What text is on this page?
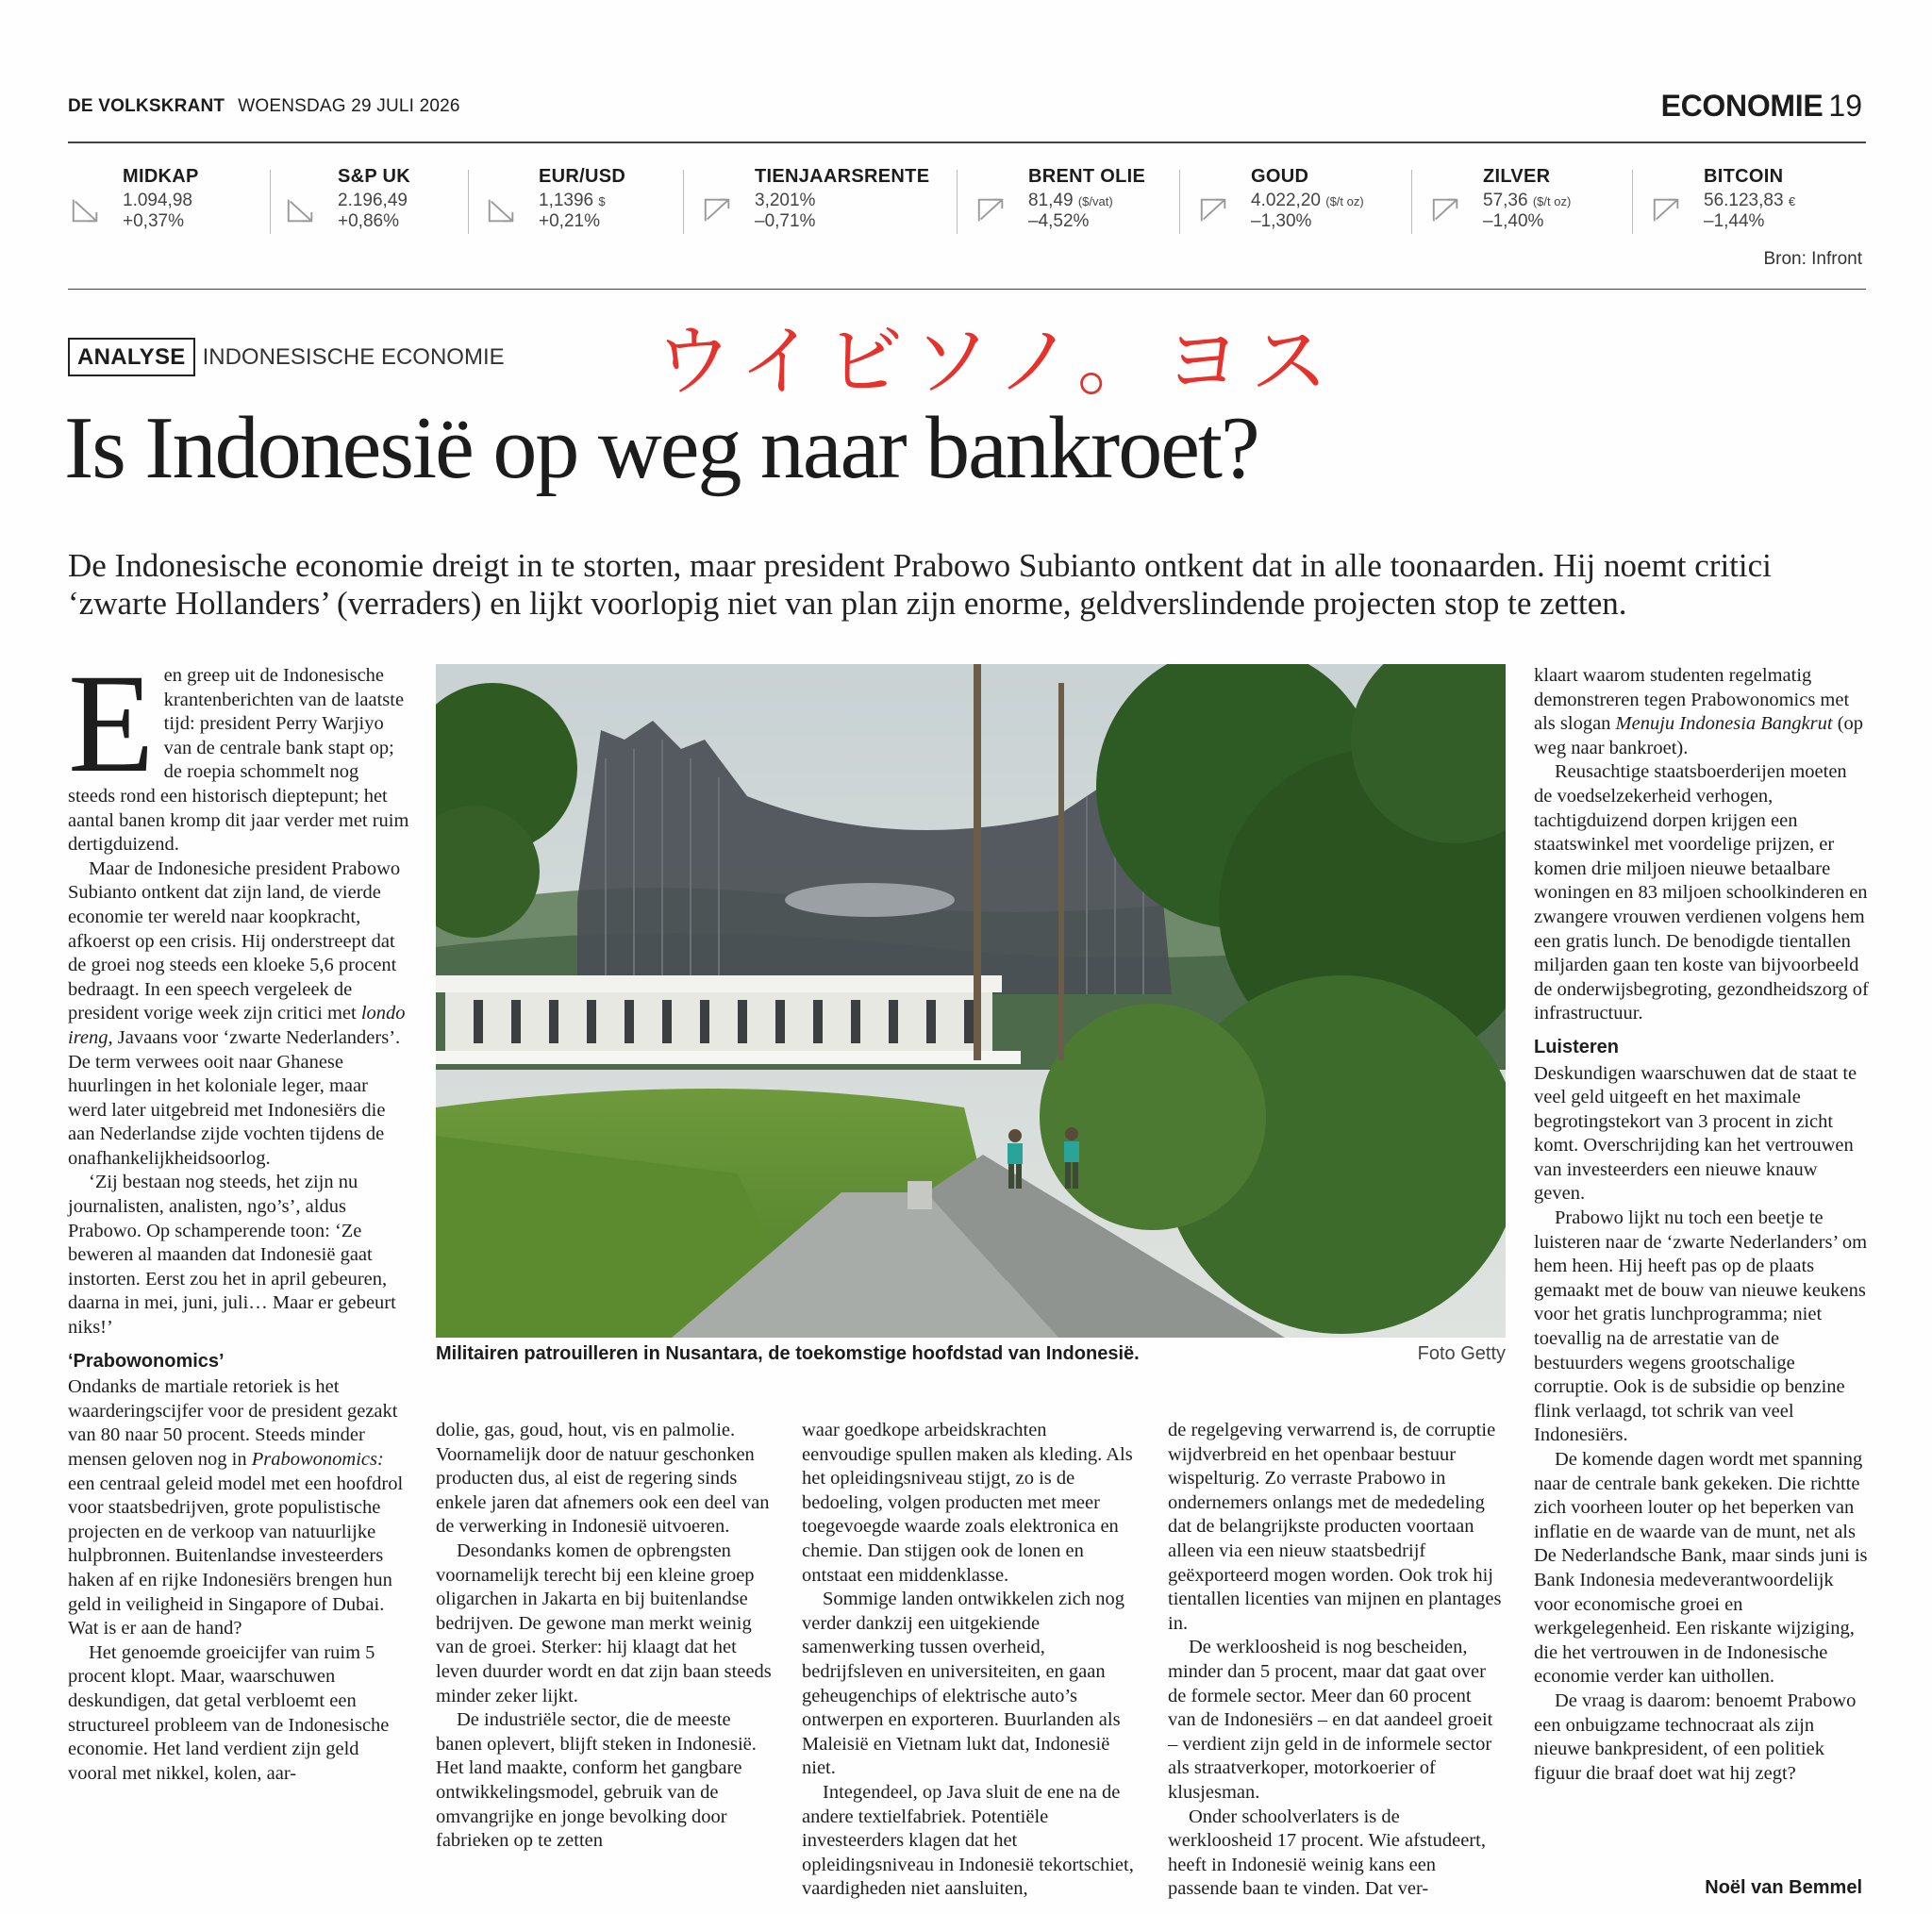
DE VOLKSKRANT WOENSDAG 29 JULI 2026	ECONOMIE 19
MIDKAP
1.094,98
+0,37%
S&P UK
2.196,49
+0,86%
EUR/USD
1,1396 $
+0,21%
TIENJAARSRENTE
3,201%
–0,71%
BRENT OLIE
81,49 ($/vat)
–4,52%
GOUD
4.022,20 ($/t oz)
–1,30%
ZILVER
57,36 ($/t oz)
–1,40%
BITCOIN
56.123,83 €
–1,44%
Bron: Infront
ANALYSE INDONESISCHE ECONOMIE ウイビソノ。ヨス
Is Indonesië op weg naar bankroet?
De Indonesische economie dreigt in te storten, maar president Prabowo Subianto ontkent dat in alle toonaarden. Hij noemt critici ‘zwarte Hollanders’ (verraders) en lijkt voorlopig niet van plan zijn enorme, geldverslindende projecten stop te zetten.
E en greep uit de Indonesische krantenberichten van de laatste tijd: president Perry Warjiyo van de centrale bank stapt op; de roepia schommelt nog steeds rond een historisch dieptepunt; het aantal banen kromp dit jaar verder met ruim dertigduizend.

Maar de Indonesiche president Prabowo Subianto ontkent dat zijn land, de vierde economie ter wereld naar koopkracht, afkoerst op een crisis. Hij onderstreept dat de groei nog steeds een kloeke 5,6 procent bedraagt. In een speech vergeleek de president vorige week zijn critici met londo ireng, Javaans voor ‘zwarte Nederlanders’. De term verwees ooit naar Ghanese huurlingen in het koloniale leger, maar werd later uitgebreid met Indonesiërs die aan Nederlandse zijde vochten tijdens de onafhankelijkheidsoorlog.

‘Zij bestaan nog steeds, het zijn nu journalisten, analisten, ngo’s’, aldus Prabowo. Op schamperende toon: ‘Ze beweren al maanden dat Indonesië gaat instorten. Eerst zou het in april gebeuren, daarna in mei, juni, juli… Maar er gebeurt niks!’

‘Prabowonomics’

Ondanks de martiale retoriek is het waarderingscijfer voor de president gezakt van 80 naar 50 procent. Steeds minder mensen geloven nog in Prabowonomics: een centraal geleid model met een hoofdrol voor staatsbedrijven, grote populistische projecten en de verkoop van natuurlijke hulpbronnen. Buitenlandse investeerders haken af en rijke Indonesiërs brengen hun geld in veiligheid in Singapore of Dubai. Wat is er aan de hand?

Het genoemde groeicijfer van ruim 5 procent klopt. Maar, waarschuwen deskundigen, dat getal verbloemt een structureel probleem van de Indonesische economie. Het land verdient zijn geld vooral met nikkel, kolen, aar-

Militairen patrouilleren in Nusantara, de toekomstige hoofdstad van Indonesië.	Foto Getty

dolie, gas, goud, hout, vis en palmolie. Voornamelijk door de natuur geschonken producten dus, al eist de regering sinds enkele jaren dat afnemers ook een deel van de verwerking in Indonesië uitvoeren.

Desondanks komen de opbrengsten voornamelijk terecht bij een kleine groep oligarchen in Jakarta en bij buitenlandse bedrijven. De gewone man merkt weinig van de groei. Sterker: hij klaagt dat het leven duurder wordt en dat zijn baan steeds minder zeker lijkt.

De industriële sector, die de meeste banen oplevert, blijft steken in Indonesië. Het land maakte, conform het gangbare ontwikkelingsmodel, gebruik van de omvangrijke en jonge bevolking door fabrieken op te zetten

waar goedkope arbeidskrachten eenvoudige spullen maken als kleding. Als het opleidingsniveau stijgt, zo is de bedoeling, volgen producten met meer toegevoegde waarde zoals elektronica en chemie. Dan stijgen ook de lonen en ontstaat een middenklasse.

Sommige landen ontwikkelen zich nog verder dankzij een uitgekiende samenwerking tussen overheid, bedrijfsleven en universiteiten, en gaan geheugenchips of elektrische auto’s ontwerpen en exporteren. Buurlanden als Maleisië en Vietnam lukt dat, Indonesië niet.

Integendeel, op Java sluit de ene na de andere textielfabriek. Potentiële investeerders klagen dat het opleidingsniveau in Indonesië tekortschiet, vaardigheden niet aansluiten,

de regelgeving verwarrend is, de corruptie wijdverbreid en het openbaar bestuur wispelturig. Zo verraste Prabowo in ondernemers onlangs met de mededeling dat de belangrijkste producten voortaan alleen via een nieuw staatsbedrijf geëxporteerd mogen worden. Ook trok hij tientallen licenties van mijnen en plantages in.

De werkloosheid is nog bescheiden, minder dan 5 procent, maar dat gaat over de formele sector. Meer dan 60 procent van de Indonesiërs – en dat aandeel groeit – verdient zijn geld in de informele sector als straatverkoper, motorkoerier of klusjesman.

Onder schoolverlaters is de werkloosheid 17 procent. Wie afstudeert, heeft in Indonesië weinig kans een passende baan te vinden. Dat ver-

klaart waarom studenten regelmatig demonstreren tegen Prabowonomics met als slogan Menuju Indonesia Bangkrut (op weg naar bankroet).

Reusachtige staatsboerderijen moeten de voedselzekerheid verhogen, tachtigduizend dorpen krijgen een staatswinkel met voordelige prijzen, er komen drie miljoen nieuwe betaalbare woningen en 83 miljoen schoolkinderen en zwangere vrouwen verdienen volgens hem een gratis lunch. De benodigde tientallen miljarden gaan ten koste van bijvoorbeeld de onderwijsbegroting, gezondheidszorg of infrastructuur.

Luisteren

Deskundigen waarschuwen dat de staat te veel geld uitgeeft en het maximale begrotingstekort van 3 procent in zicht komt. Overschrijding kan het vertrouwen van investeerders een nieuwe knauw geven.

Prabowo lijkt nu toch een beetje te luisteren naar de ‘zwarte Nederlanders’ om hem heen. Hij heeft pas op de plaats gemaakt met de bouw van nieuwe keukens voor het gratis lunchprogramma; niet toevallig na de arrestatie van de bestuurders wegens grootschalige corruptie. Ook is de subsidie op benzine flink verlaagd, tot schrik van veel Indonesiërs.

De komende dagen wordt met spanning naar de centrale bank gekeken. Die richtte zich voorheen louter op het beperken van inflatie en de waarde van de munt, net als De Nederlandsche Bank, maar sinds juni is Bank Indonesia medeverantwoordelijk voor economische groei en werkgelegenheid. Een riskante wijziging, die het vertrouwen in de Indonesische economie verder kan uithollen.

De vraag is daarom: benoemt Prabowo een onbuigzame technocraat als zijn nieuwe bankpresident, of een politiek figuur die braaf doet wat hij zegt?

Noël van Bemmel
